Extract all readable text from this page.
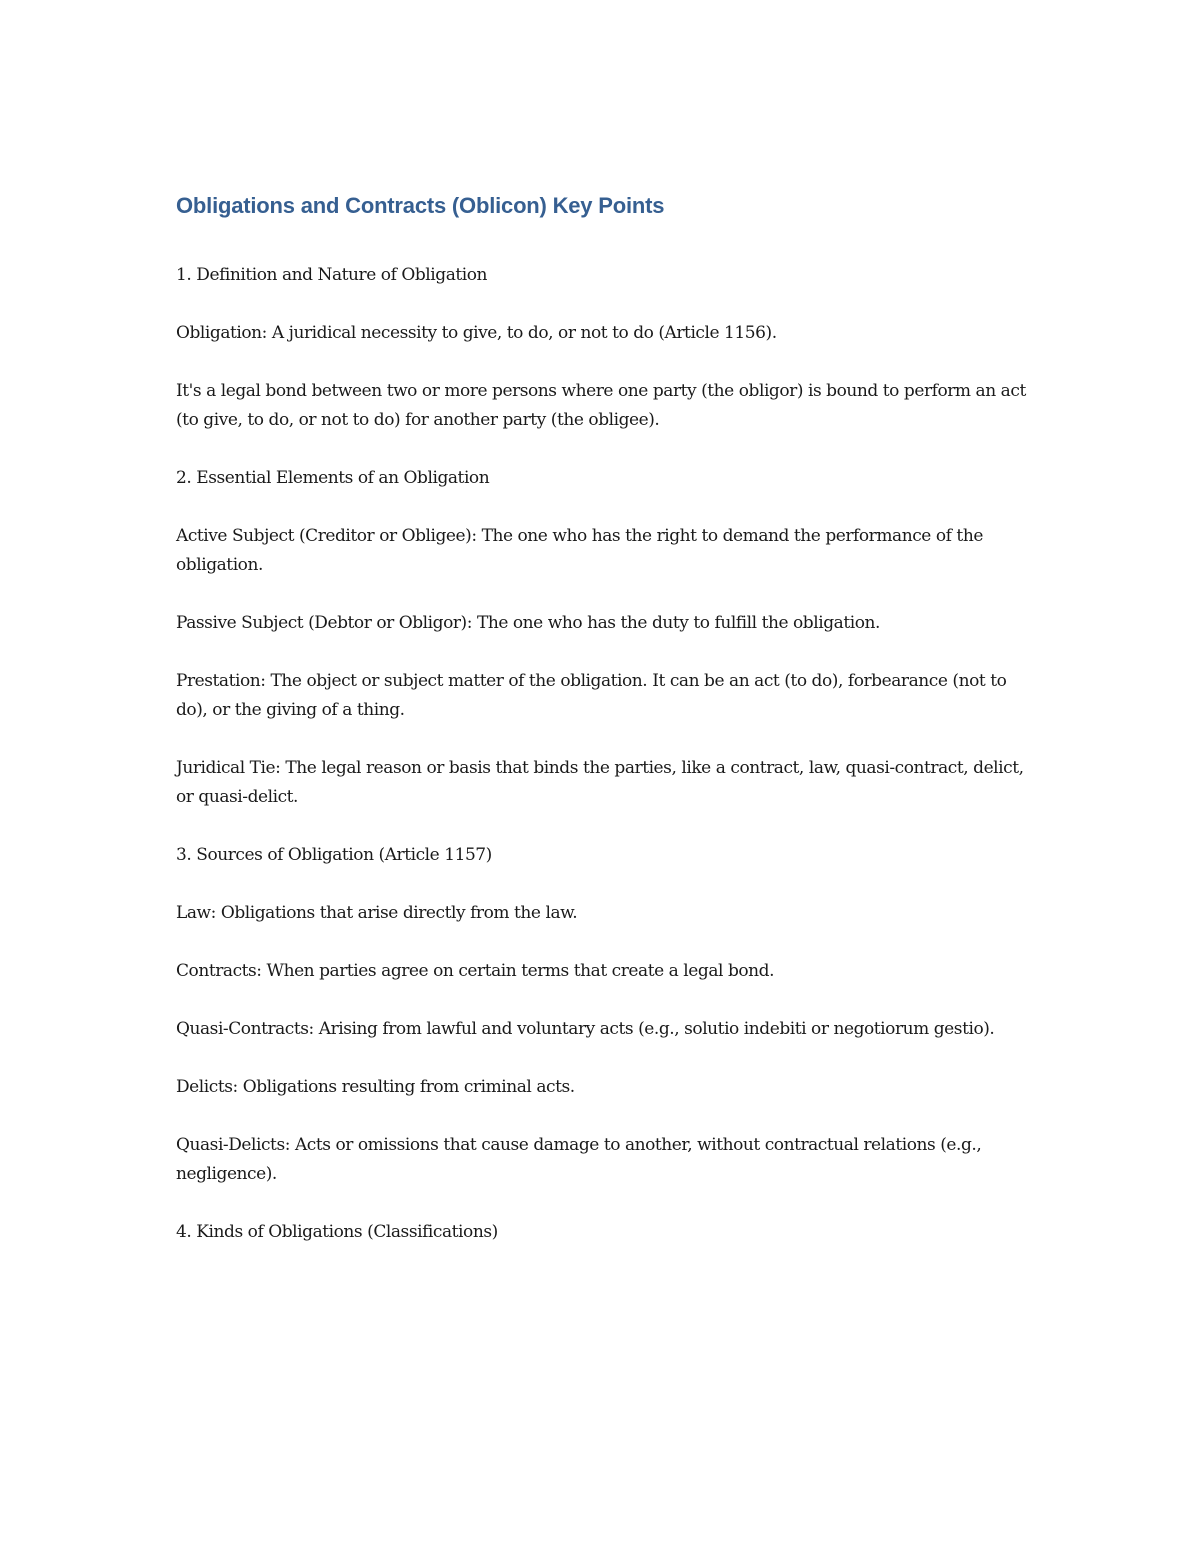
Obligations and Contracts (Oblicon) Key Points

1. Definition and Nature of Obligation

Obligation: A juridical necessity to give, to do, or not to do (Article 1156).

It's a legal bond between two or more persons where one party (the obligor) is bound to perform an act (to give, to do, or not to do) for another party (the obligee).

2. Essential Elements of an Obligation

Active Subject (Creditor or Obligee): The one who has the right to demand the performance of the obligation.

Passive Subject (Debtor or Obligor): The one who has the duty to fulfill the obligation.

Prestation: The object or subject matter of the obligation. It can be an act (to do), forbearance (not to do), or the giving of a thing.

Juridical Tie: The legal reason or basis that binds the parties, like a contract, law, quasi-contract, delict, or quasi-delict.

3. Sources of Obligation (Article 1157)

Law: Obligations that arise directly from the law.

Contracts: When parties agree on certain terms that create a legal bond.

Quasi-Contracts: Arising from lawful and voluntary acts (e.g., solutio indebiti or negotiorum gestio).

Delicts: Obligations resulting from criminal acts.

Quasi-Delicts: Acts or omissions that cause damage to another, without contractual relations (e.g., negligence).

4. Kinds of Obligations (Classifications)
